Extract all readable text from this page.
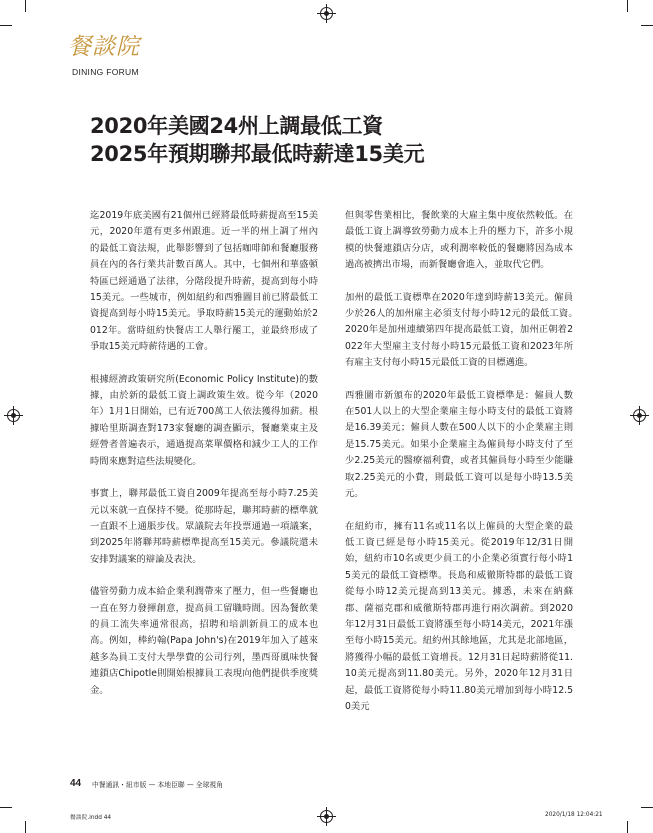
餐談院
DINING FORUM
2020年美國24州上調最低工資
2025年預期聯邦最低時薪達15美元

迄2019年底美國有21個州已經將最低時薪提高至15美元，2020年還有更多州跟進。近一半的州上調了州內的最低工資法規，此舉影響到了包括咖啡師和餐廳服務員在內的各行業共計數百萬人。其中，七個州和華盛頓特區已經通過了法律，分階段提升時薪，提高到每小時15美元。一些城市，例如紐約和西雅圖目前已將最低工資提高到每小時15美元。爭取時薪15美元的運動始於2012年。當時紐約快餐店工人舉行罷工，並最終形成了爭取15美元時薪待遇的工會。

根據經濟政策研究所(Economic Policy Institute)的數據，由於新的最低工資上調政策生效。從今年（2020年）1月1日開始，已有近700萬工人依法獲得加薪。根據哈里斯調查對173家餐廳的調查顯示，餐廳業東主及經營者普遍表示，通過提高菜單價格和減少工人的工作時間來應對這些法規變化。

事實上，聯邦最低工資自2009年提高至每小時7.25美元以來就一直保持不變。從那時起，聯邦時薪的標準就一直跟不上通脹步伐。眾議院去年投票通過一項議案，到2025年將聯邦時薪標準提高至15美元。參議院還未安排對議案的辯論及表決。

儘管勞動力成本給企業利潤帶來了壓力，但一些餐廳也一直在努力發揮創意，提高員工留職時間。因為餐飲業的員工流失率通常很高，招聘和培訓新員工的成本也高。例如，棒約翰(Papa John's)在2019年加入了越來越多為員工支付大學學費的公司行列，墨西哥風味快餐連鎖店Chipotle則開始根據員工表現向他們提供季度獎金。

但與零售業相比，餐飲業的大雇主集中度依然較低。在最低工資上調導致勞動力成本上升的壓力下，許多小規模的快餐連鎖店分店，或利潤率較低的餐廳將因為成本過高被擠出市場，而新餐廳會進入，並取代它們。

加州的最低工資標準在2020年達到時薪13美元。僱員少於26人的加州雇主必須支付每小時12元的最低工資。　2020年是加州連續第四年提高最低工資，加州正朝着2022年大型雇主支付每小時15元最低工資和2023年所有雇主支付每小時15元最低工資的目標邁進。

西雅圖市新頒布的2020年最低工資標準是：僱員人數在501人以上的大型企業雇主每小時支付的最低工資將是16.39美元；僱員人數在500人以下的小企業雇主則是15.75美元。如果小企業雇主為僱員每小時支付了至少2.25美元的醫療福利費，或者其僱員每小時至少能賺取2.25美元的小費，則最低工資可以是每小時13.5美元。

在紐約市，擁有11名或11名以上僱員的大型企業的最低工資已經是每小時15美元。從2019年12/31日開始，紐約市10名或更少員工的小企業必須實行每小時15美元的最低工資標準。長島和威徹斯特郡的最低工資從每小時12美元提高到13美元。據悉，未來在納蘇郡、薩福克郡和威徹斯特郡再進行兩次調薪。到2020年12月31日最低工資將漲至每小時14美元，2021年漲至每小時15美元。紐約州其餘地區，尤其是北部地區，將獲得小幅的最低工資增長。12月31日起時薪將從11.10美元提高到11.80美元。另外，2020年12月31日起，最低工資將從每小時11.80美元增加到每小時12.50美元

44 中餐通訊・紐市版 — 本地臣聯 — 全球視角
餐談院.indd 44	2020/1/18 12:04:21
